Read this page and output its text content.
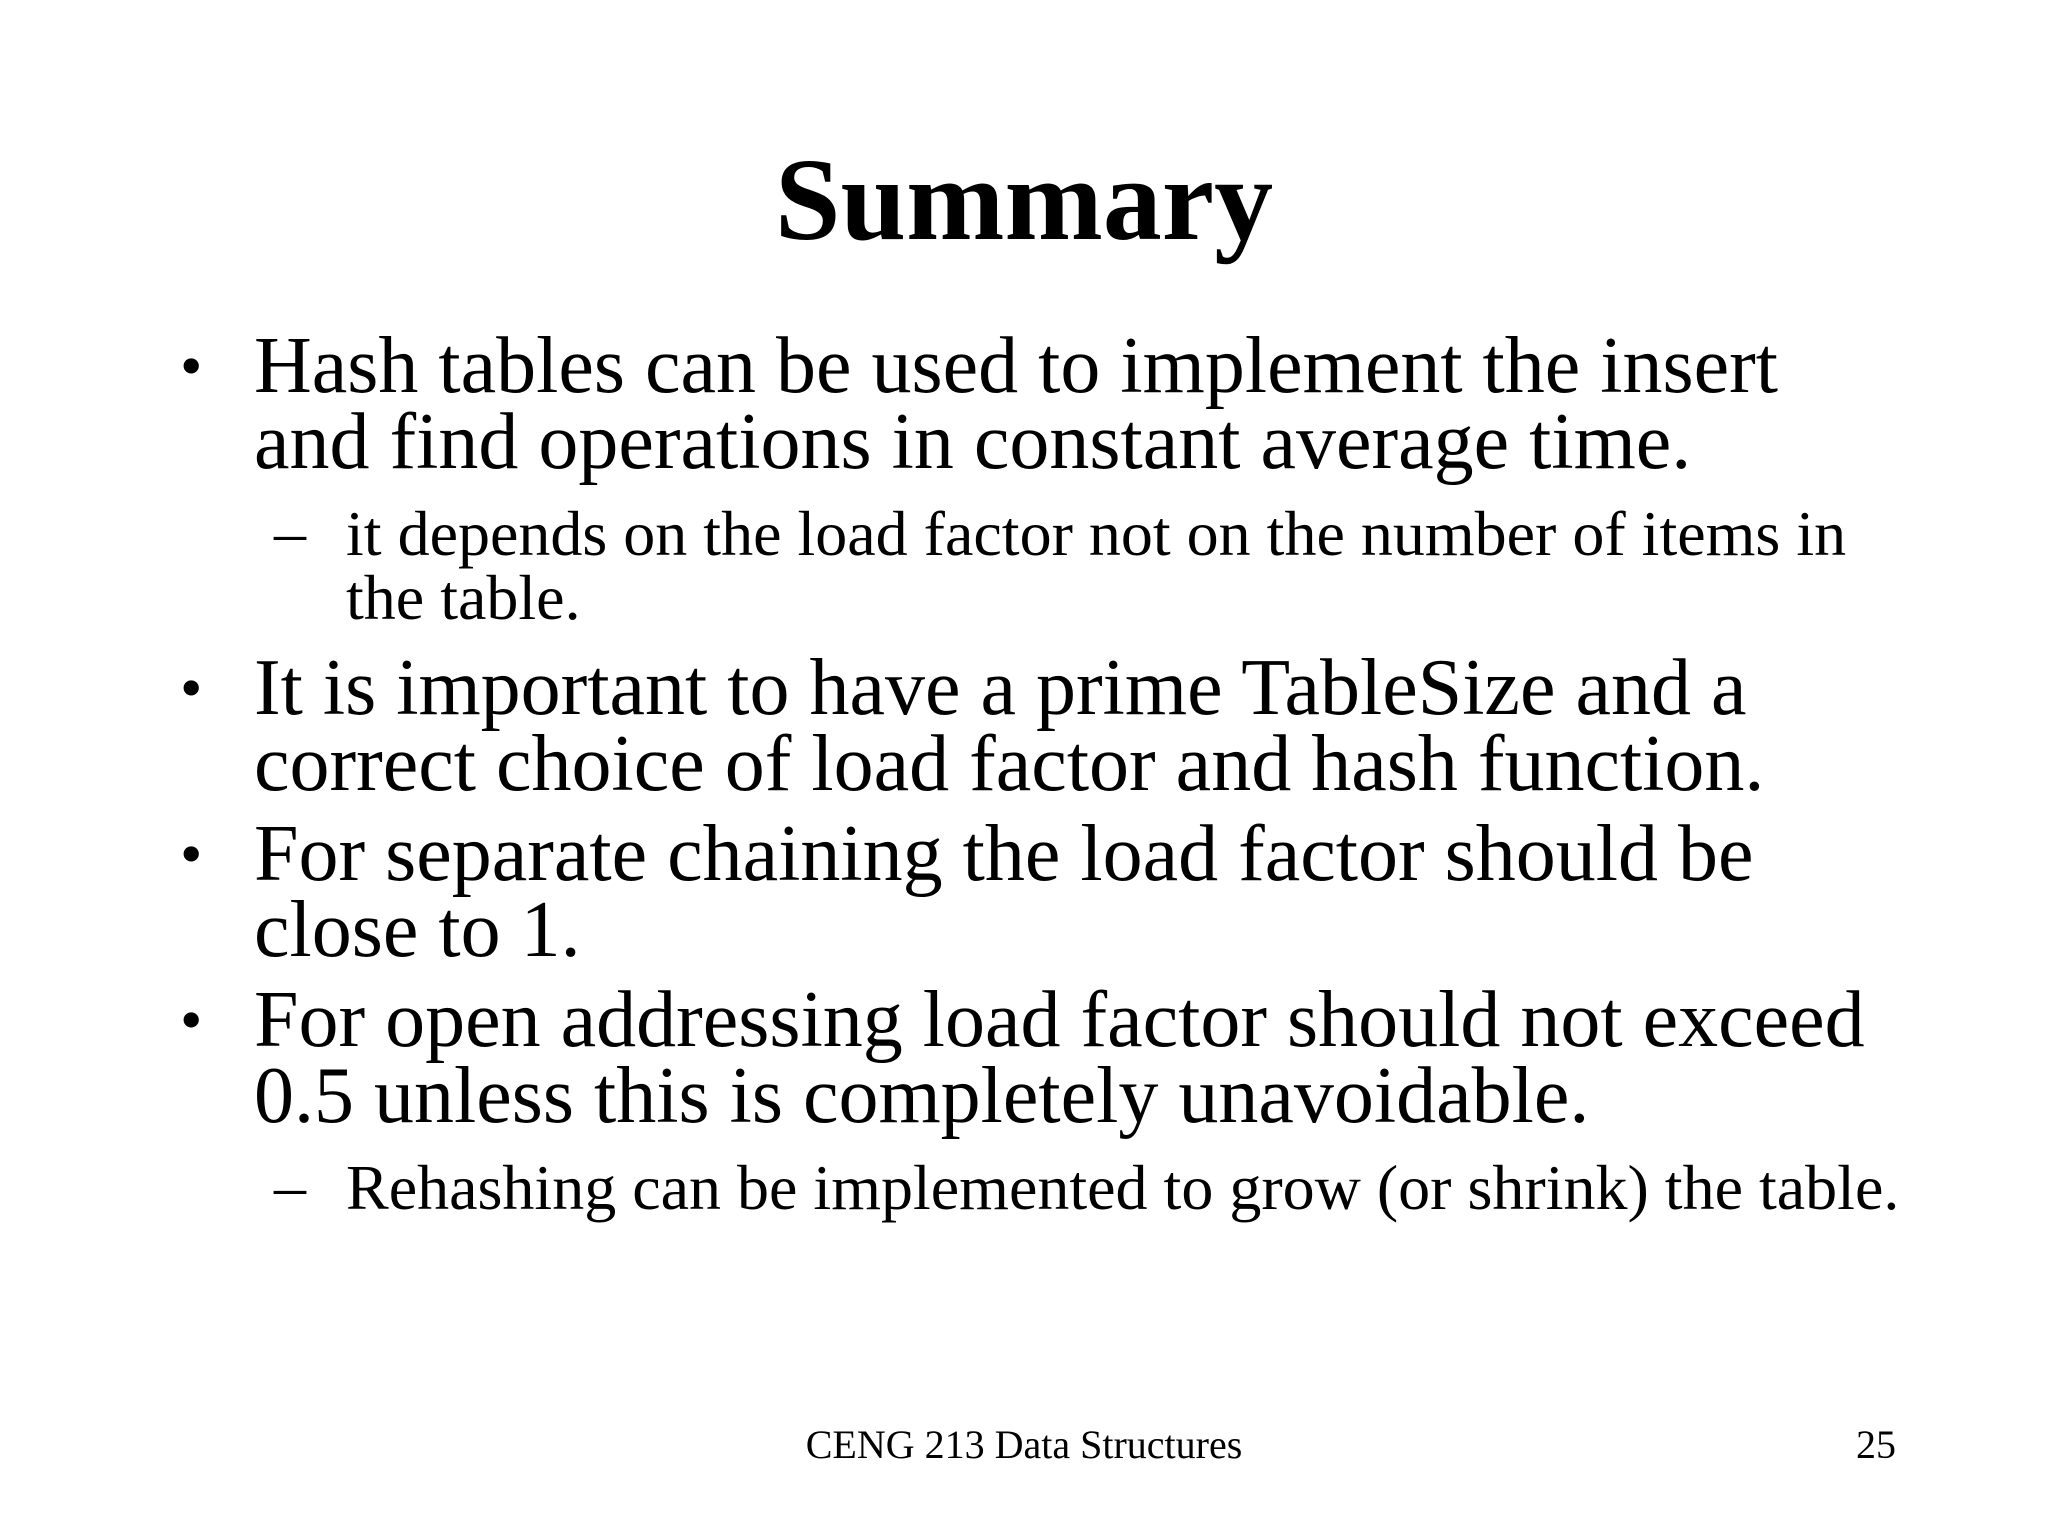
Summary
• Hash tables can be used to implement the insert and find operations in constant average time.
– it depends on the load factor not on the number of items in the table.
• It is important to have a prime TableSize and a correct choice of load factor and hash function.
• For separate chaining the load factor should be close to 1.
• For open addressing load factor should not exceed 0.5 unless this is completely unavoidable.
– Rehashing can be implemented to grow (or shrink) the table.
CENG 213 Data Structures	25
